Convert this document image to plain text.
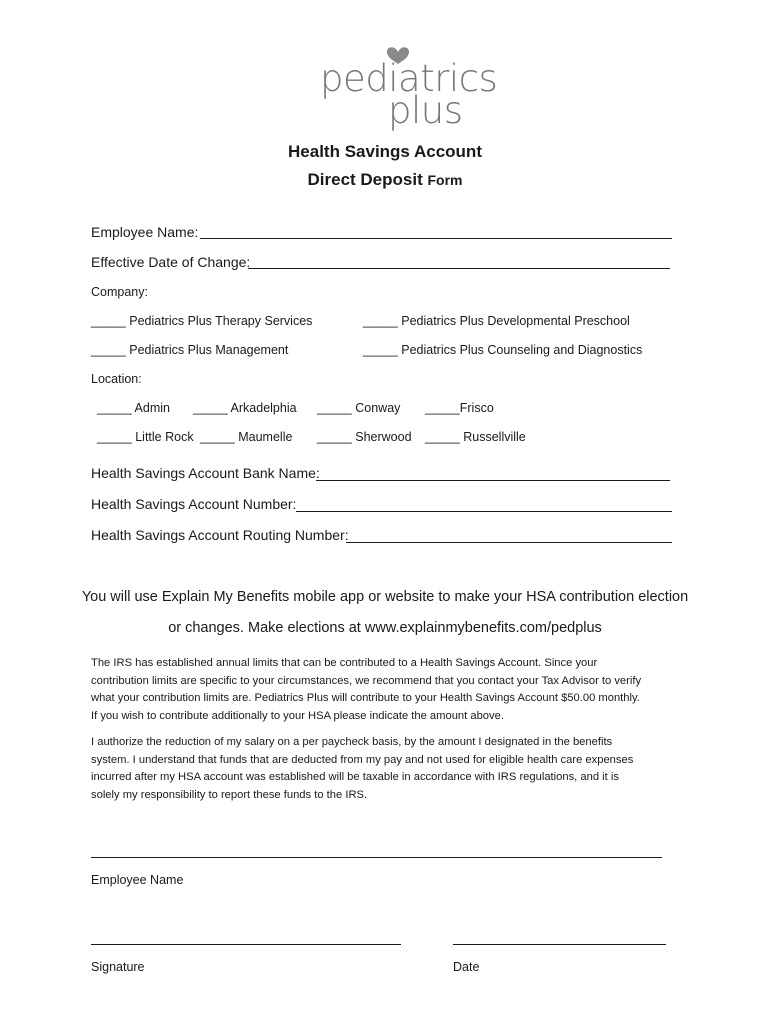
pediatrics
plus
Health Savings Account
Direct Deposit Form
Employee Name:
Effective Date of Change:
Company:
_____ Pediatrics Plus Therapy Services	_____ Pediatrics Plus Developmental Preschool
_____ Pediatrics Plus Management	_____ Pediatrics Plus Counseling and Diagnostics
Location:
_____ Admin _____ Arkadelphia _____ Conway _____Frisco
_____ Little Rock _____ Maumelle _____ Sherwood _____ Russellville
Health Savings Account Bank Name:
Health Savings Account Number:
Health Savings Account Routing Number:
You will use Explain My Benefits mobile app or website to make your HSA contribution election
or changes. Make elections at www.explainmybenefits.com/pedplus
The IRS has established annual limits that can be contributed to a Health Savings Account. Since your
contribution limits are specific to your circumstances, we recommend that you contact your Tax Advisor to verify
what your contribution limits are. Pediatrics Plus will contribute to your Health Savings Account $50.00 monthly.
If you wish to contribute additionally to your HSA please indicate the amount above.
I authorize the reduction of my salary on a per paycheck basis, by the amount I designated in the benefits
system. I understand that funds that are deducted from my pay and not used for eligible health care expenses
incurred after my HSA account was established will be taxable in accordance with IRS regulations, and it is
solely my responsibility to report these funds to the IRS.
Employee Name
Signature	Date
